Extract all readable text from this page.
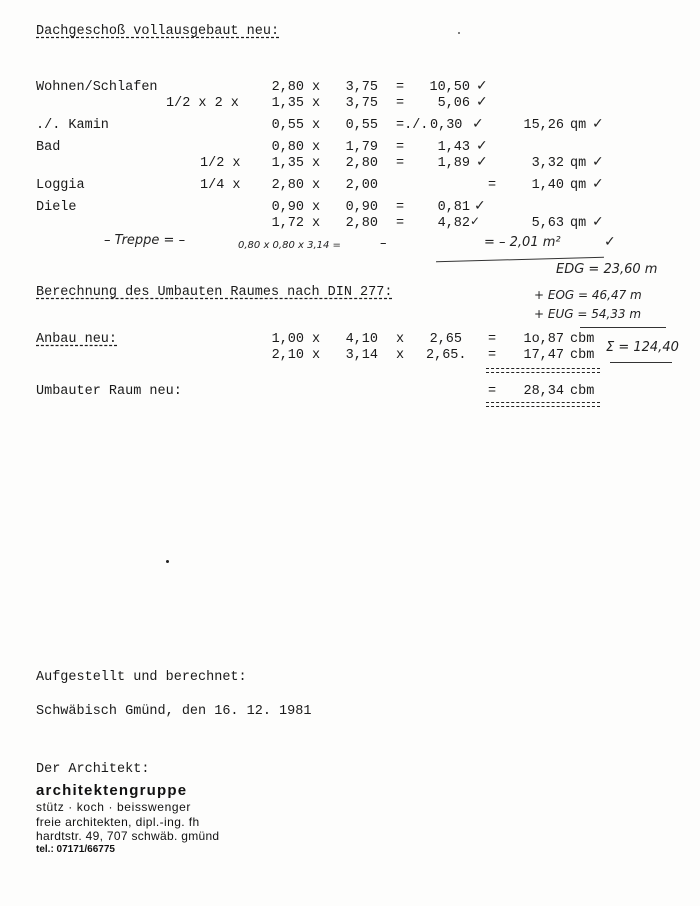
Dachgeschoß vollausgebaut neu:
Wohnen/Schlafen	2,80 x	3,75 =	10,50 ✓
1/2 x 2 x	1,35 x	3,75 =	5,06 ✓
./. Kamin	0,55 x	0,55 =./. 0,30 ✓	15,26 qm ✓
Bad	0,80 x	1,79 =	1,43 ✓
1/2 x	1,35 x	2,80 =	1,89 ✓	3,32 qm ✓
Loggia	1/4 x	2,80 x	2,00	=	1,40 qm ✓
Diele	0,90 x	0,90 =	0,81 ✓
1,72 x	2,80 =	4,82 ✓	5,63 qm ✓
– Treppe = –	0,80 x 0,80 x 3,14 =	–	= – 2,01 m²	✓
EDG = 23,60 m
+ EOG = 46,47 m
+ EUG = 54,33 m
Σ = 124,40
Berechnung des Umbauten Raumes nach DIN 277:
Anbau neu:	1,00 x	4,10 x	2,65 =	1o,87 cbm
2,10 x	3,14 x 2,65. =	17,47 cbm
Umbauter Raum neu:	=	28,34 cbm
Aufgestellt und berechnet:
Schwäbisch Gmünd, den 16. 12. 1981
Der Architekt:
architektengruppe
stütz · koch · beisswenger
freie architekten, dipl.-ing. fh
hardtstr. 49, 707 schwäb. gmünd
tel.: 07171/66775
